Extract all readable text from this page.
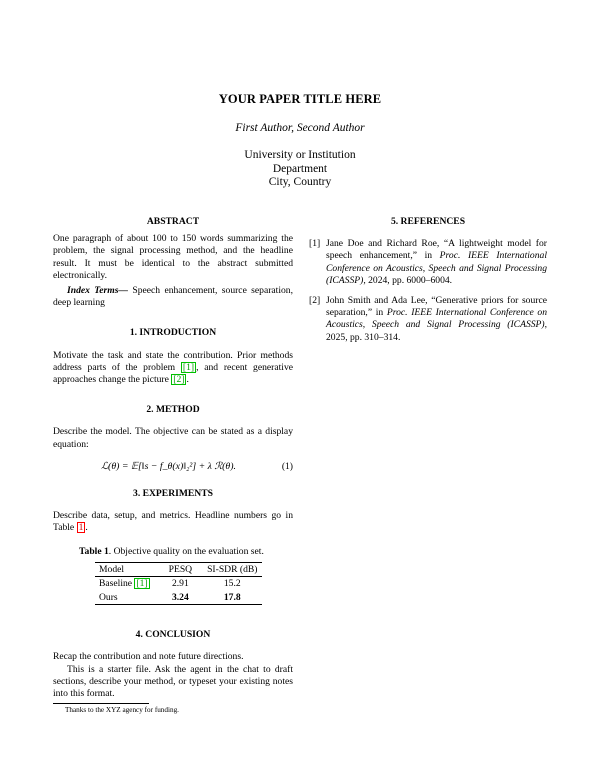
YOUR PAPER TITLE HERE
First Author, Second Author
University or Institution
Department
City, Country
ABSTRACT

One paragraph of about 100 to 150 words summarizing the problem, the signal processing method, and the headline result. It must be identical to the abstract submitted electronically.

Index Terms— Speech enhancement, source separation, deep learning

1. INTRODUCTION

Motivate the task and state the contribution. Prior methods address parts of the problem [1] , and recent generative approaches change the picture [2] .

2. METHOD

Describe the model. The objective can be stated as a display equation:

ℒ(θ) = 𝔼[‖s − f_θ(x)‖₂²] + λ ℛ(θ).	(1)
3. EXPERIMENTS

Describe data, setup, and metrics. Headline numbers go in Table 1 .

Table 1. Objective quality on the evaluation set.
Model	PESQ	SI-SDR (dB)
Baseline [1]	2.91	15.2
Ours	3.24	17.8
4. CONCLUSION

Recap the contribution and note future directions.

This is a starter file. Ask the agent in the chat to draft sections, describe your method, or typeset your existing notes into this format.

Thanks to the XYZ agency for funding.
5. REFERENCES
[1] Jane Doe and Richard Roe, “A lightweight model for speech enhancement,” in Proc. IEEE International Conference on Acoustics, Speech and Signal Processing (ICASSP), 2024, pp. 6000–6004.
[2] John Smith and Ada Lee, “Generative priors for source separation,” in Proc. IEEE International Conference on Acoustics, Speech and Signal Processing (ICASSP), 2025, pp. 310–314.
